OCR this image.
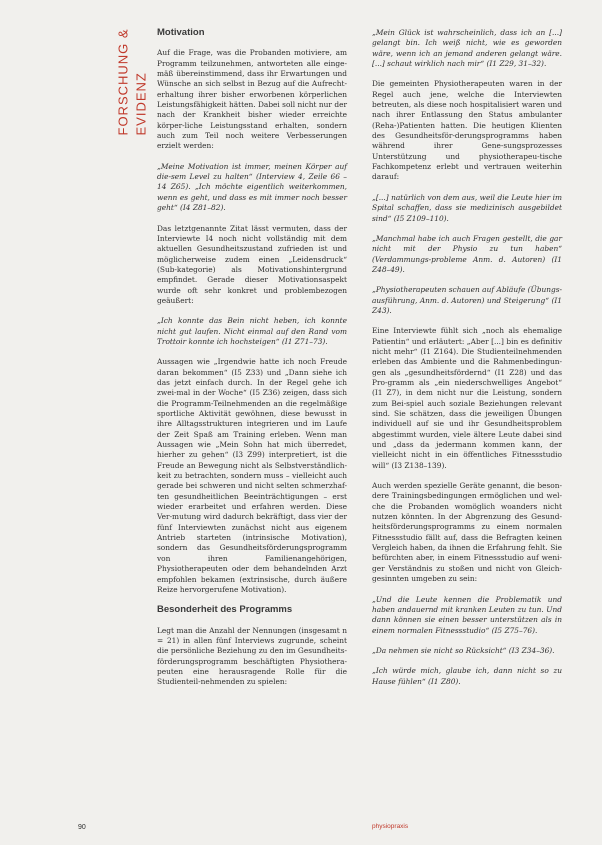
FORSCHUNG & EVIDENZ
Motivation

Auf die Frage, was die Probanden motiviere, am Programm teilzunehmen, antworteten alle einge-mäß übereinstimmend, dass ihr Erwartungen und Wünsche an sich selbst in Bezug auf die Aufrecht-erhaltung ihrer bisher erworbenen körperlichen Leistungsfähigkeit hätten. Dabei soll nicht nur der nach der Krankheit bisher wieder erreichte körper-liche Leistungsstand erhalten, sondern auch zum Teil noch weitere Verbesserungen erzielt werden:

„Meine Motivation ist immer, meinen Körper auf die-sem Level zu halten“ (Interview 4, Zeile 66 – 14 Z65). „Ich möchte eigentlich weiterkommen, wenn es geht, und dass es mit immer noch besser geht“ (I4 Z81–82).

Das letztgenannte Zitat lässt vermuten, dass der Interviewte I4 noch nicht vollständig mit dem aktuellen Gesundheitszustand zufrieden ist und möglicherweise zudem einen „Leidensdruck“ (Sub-kategorie) als Motivationshintergrund empfindet. Gerade dieser Motivationsaspekt wurde oft sehr konkret und problembezogen geäußert:

„Ich konnte das Bein nicht heben, ich konnte nicht gut laufen. Nicht einmal auf den Rand vom Trottoir konnte ich hochsteigen“ (I1 Z71–73).

Aussagen wie „Irgendwie hatte ich noch Freude daran bekommen“ (I5 Z33) und „Dann siehe ich das jetzt einfach durch. In der Regel gehe ich zwei-mal in der Woche“ (I5 Z36) zeigen, dass sich die Programm-Teilnehmenden an die regelmäßige sportliche Aktivität gewöhnen, diese bewusst in ihre Alltagsstrukturen integrieren und im Laufe der Zeit Spaß am Training erleben. Wenn man Aussagen wie „Mein Sohn hat mich überredet, hierher zu gehen“ (I3 Z99) interpretiert, ist die Freude an Bewegung nicht als Selbstverständlich-keit zu betrachten, sondern muss – vielleicht auch gerade bei schweren und nicht selten schmerzhaf-ten gesundheitlichen Beeinträchtigungen – erst wieder erarbeitet und erfahren werden. Diese Ver-mutung wird dadurch bekräftigt, dass vier der fünf Interviewten zunächst nicht aus eigenem Antrieb starteten (intrinsische Motivation), sondern das Gesundheitsförderungsprogramm von ihren Familienangehörigen, Physiotherapeuten oder dem behandelnden Arzt empfohlen bekamen (extrinsische, durch äußere Reize hervorgerufene Motivation).

Besonderheit des Programms

Legt man die Anzahl der Nennungen (insgesamt n = 21) in allen fünf Interviews zugrunde, scheint die persönliche Beziehung zu den im Gesundheits-förderungsprogramm beschäftigten Physiothera-peuten eine herausragende Rolle für die Studienteil-nehmenden zu spielen:

„Mein Glück ist wahrscheinlich, dass ich an [...] gelangt bin. Ich weiß nicht, wie es geworden wäre, wenn ich an jemand anderen gelangt wäre. [...] schaut wirklich nach mir“ (I1 Z29, 31–32).

Die gemeinten Physiotherapeuten waren in der Regel auch jene, welche die Interviewten betreuten, als diese noch hospitalisiert waren und nach ihrer Entlassung den Status ambulanter (Reha-)Patienten hatten. Die heutigen Klienten des Gesundheitsför-derungsprogramms haben während ihrer Gene-sungsprozesses Unterstützung und physiotherapeu-tische Fachkompetenz erlebt und vertrauen weiterhin darauf:

„[...] natürlich von dem aus, weil die Leute hier im Spital schaffen, dass sie medizinisch ausgebildet sind“ (I5 Z109–110).

„Manchmal habe ich auch Fragen gestellt, die gar nicht mit der Physio zu tun haben“ (Verdammungs-probleme Anm. d. Autoren) (I1 Z48–49).

„Physiotherapeuten schauen auf Abläufe (Übungs-ausführung, Anm. d. Autoren) und Steigerung“ (I1 Z43).

Eine Interviewte fühlt sich „noch als ehemalige Patientin“ und erläutert: „Aber [...] bin es definitiv nicht mehr“ (I1 Z164). Die Studienteilnehmenden erleben das Ambiente und die Rahmenbedingun-gen als „gesundheitsfördernd“ (I1 Z28) und das Pro-gramm als „ein niederschwelliges Angebot“ (I1 Z7), in dem nicht nur die Leistung, sondern zum Bei-spiel auch soziale Beziehungen relevant sind. Sie schätzen, dass die jeweiligen Übungen individuell auf sie und ihr Gesundheitsproblem abgestimmt wurden, viele ältere Leute dabei sind und „dass da jedermann kommen kann, der vielleicht nicht in ein öffentliches Fitnessstudio will“ (I3 Z138–139).

Auch werden spezielle Geräte genannt, die beson-dere Trainingsbedingungen ermöglichen und wel-che die Probanden womöglich woanders nicht nutzen könnten. In der Abgrenzung des Gesund-heitsförderungsprogramms zu einem normalen Fitnessstudio fällt auf, dass die Befragten keinen Vergleich haben, da ihnen die Erfahrung fehlt. Sie befürchten aber, in einem Fitnessstudio auf weni-ger Verständnis zu stoßen und nicht von Gleich-gesinnten umgeben zu sein:

„Und die Leute kennen die Problematik und haben andauernd mit kranken Leuten zu tun. Und dann können sie einen besser unterstützen als in einem normalen Fitnessstudio“ (I5 Z75–76).

„Da nehmen sie nicht so Rücksicht“ (I3 Z34–36).

„Ich würde mich, glaube ich, dann nicht so zu Hause fühlen“ (I1 Z80).

90	physiopraxis
